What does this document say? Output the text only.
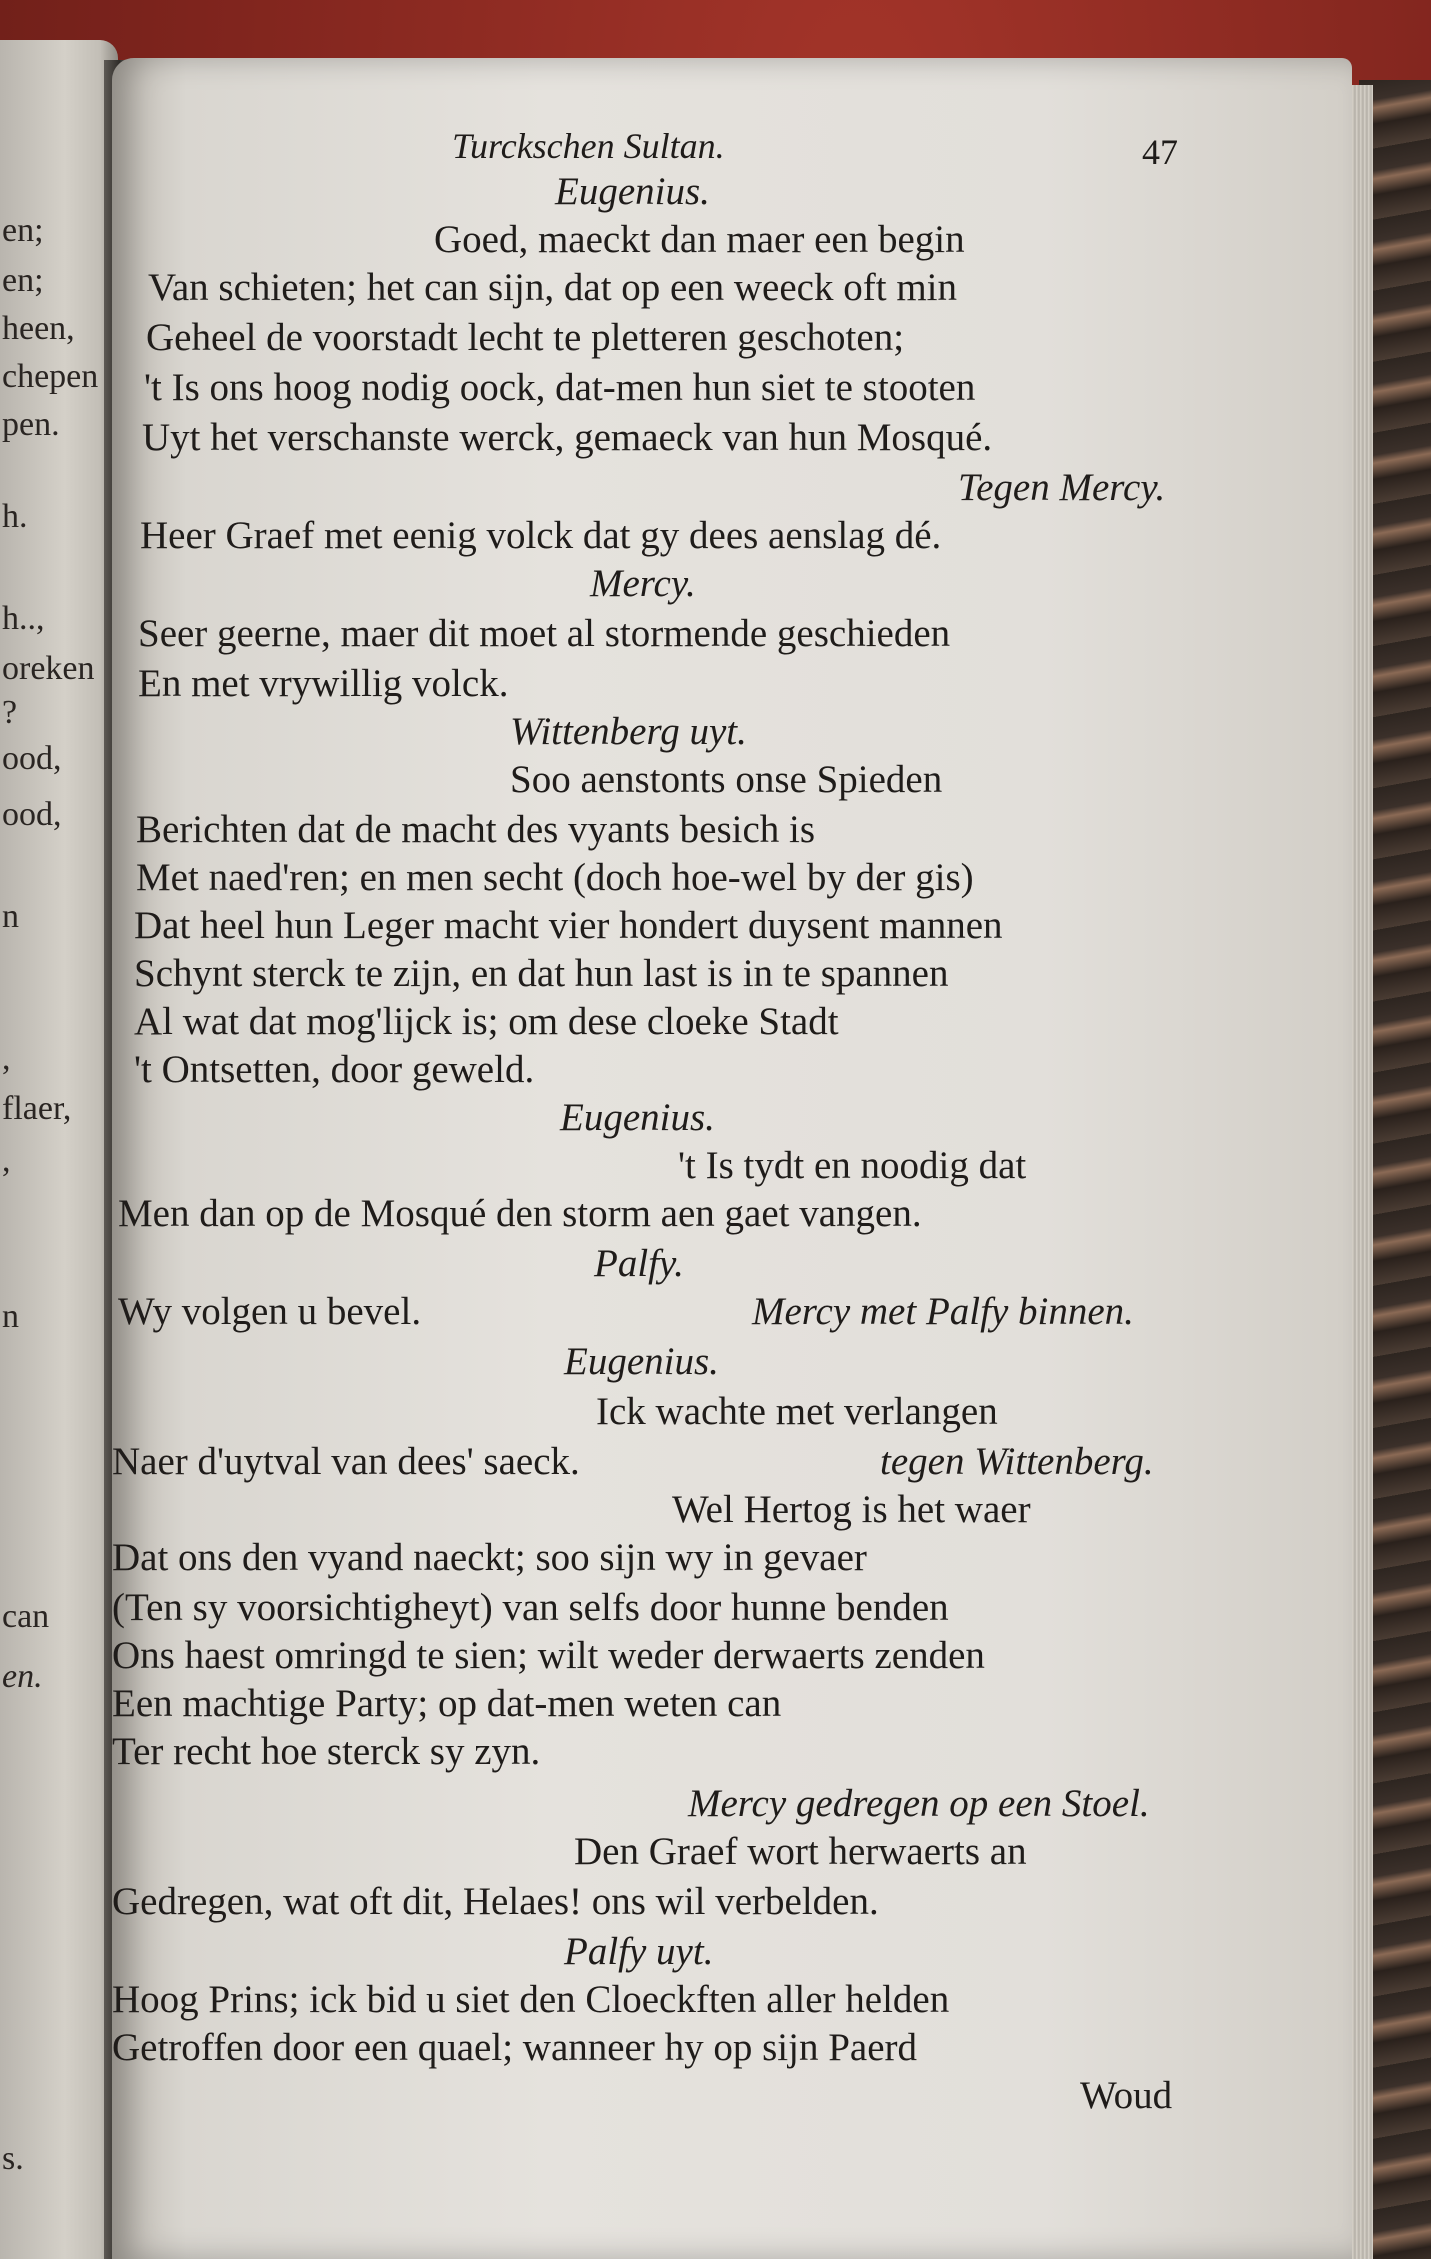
en;
en;
heen,
chepen
pen.
h.
h..,
oreken
?
ood,
ood,
n
,
flaer,
,
n
can
en.
s.
Turckschen Sultan.	47
Eugenius.
Goed, maeckt dan maer een begin
Van schieten; het can sijn, dat op een weeck oft min
Geheel de voorstadt lecht te pletteren geschoten;
't Is ons hoog nodig oock, dat-men hun siet te stooten
Uyt het verschanste werck, gemaeck van hun Mosqué.
Tegen Mercy.
Heer Graef met eenig volck dat gy dees aenslag dé.
Mercy.
Seer geerne, maer dit moet al stormende geschieden
En met vrywillig volck.
Wittenberg uyt.
Soo aenstonts onse Spieden
Berichten dat de macht des vyants besich is
Met naed'ren; en men secht (doch hoe-wel by der gis)
Dat heel hun Leger macht vier hondert duysent mannen
Schynt sterck te zijn, en dat hun last is in te spannen
Al wat dat mog'lijck is; om dese cloeke Stadt
't Ontsetten, door geweld.
Eugenius.
't Is tydt en noodig dat
Men dan op de Mosqué den storm aen gaet vangen.
Palfy.
Wy volgen u bevel.	Mercy met Palfy binnen.
Eugenius.
Ick wachte met verlangen
Naer d'uytval van dees' saeck.	tegen Wittenberg.
Wel Hertog is het waer
Dat ons den vyand naeckt; soo sijn wy in gevaer
(Ten sy voorsichtigheyt) van selfs door hunne benden
Ons haest omringd te sien; wilt weder derwaerts zenden
Een machtige Party; op dat-men weten can
Ter recht hoe sterck sy zyn.
Mercy gedregen op een Stoel.
Den Graef wort herwaerts an
Gedregen, wat oft dit, Helaes! ons wil verbelden.
Palfy uyt.
Hoog Prins; ick bid u siet den Cloeckften aller helden
Getroffen door een quael; wanneer hy op sijn Paerd
Woud
